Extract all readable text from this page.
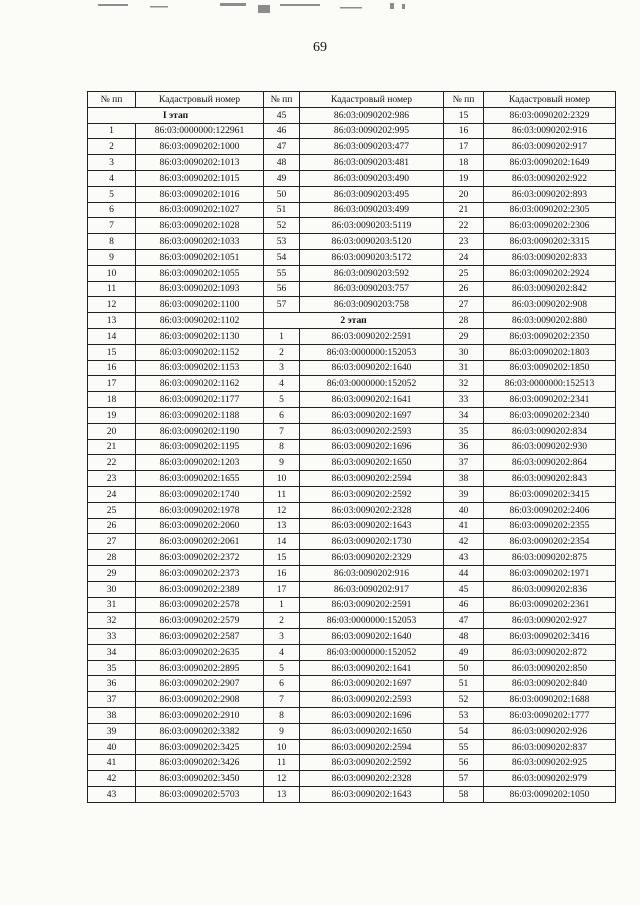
69
№ пп	Кадастровый номер	№ пп	Кадастровый номер	№ пп	Кадастровый номер
I этап		45	86:03:0090202:986	15	86:03:0090202:2329
1	86:03:0000000:122961	46	86:03:0090202:995	16	86:03:0090202:916
2	86:03:0090202:1000	47	86:03:0090203:477	17	86:03:0090202:917
3	86:03:0090202:1013	48	86:03:0090203:481	18	86:03:0090202:1649
4	86:03:0090202:1015	49	86:03:0090203:490	19	86:03:0090202:922
5	86:03:0090202:1016	50	86:03:0090203:495	20	86:03:0090202:893
6	86:03:0090202:1027	51	86:03:0090203:499	21	86:03:0090202:2305
7	86:03:0090202:1028	52	86:03:0090203:5119	22	86:03:0090202:2306
8	86:03:0090202:1033	53	86:03:0090203:5120	23	86:03:0090202:3315
9	86:03:0090202:1051	54	86:03:0090203:5172	24	86:03:0090202:833
10	86:03:0090202:1055	55	86:03:0090203:592	25	86:03:0090202:2924
11	86:03:0090202:1093	56	86:03:0090203:757	26	86:03:0090202:842
12	86:03:0090202:1100	57	86:03:0090203:758	27	86:03:0090202:908
13	86:03:0090202:1102	2 этап		28	86:03:0090202:880
14	86:03:0090202:1130	1	86:03:0090202:2591	29	86:03:0090202:2350
15	86:03:0090202:1152	2	86:03:0000000:152053	30	86:03:0090202:1803
16	86:03:0090202:1153	3	86:03:0090202:1640	31	86:03:0090202:1850
17	86:03:0090202:1162	4	86:03:0000000:152052	32	86:03:0000000:152513
18	86:03:0090202:1177	5	86:03:0090202:1641	33	86:03:0090202:2341
19	86:03:0090202:1188	6	86:03:0090202:1697	34	86:03:0090202:2340
20	86:03:0090202:1190	7	86:03:0090202:2593	35	86:03:0090202:834
21	86:03:0090202:1195	8	86:03:0090202:1696	36	86:03:0090202:930
22	86:03:0090202:1203	9	86:03:0090202:1650	37	86:03:0090202:864
23	86:03:0090202:1655	10	86:03:0090202:2594	38	86:03:0090202:843
24	86:03:0090202:1740	11	86:03:0090202:2592	39	86:03:0090202:3415
25	86:03:0090202:1978	12	86:03:0090202:2328	40	86:03:0090202:2406
26	86:03:0090202:2060	13	86:03:0090202:1643	41	86:03:0090202:2355
27	86:03:0090202:2061	14	86:03:0090202:1730	42	86:03:0090202:2354
28	86:03:0090202:2372	15	86:03:0090202:2329	43	86:03:0090202:875
29	86:03:0090202:2373	16	86:03:0090202:916	44	86:03:0090202:1971
30	86:03:0090202:2389	17	86:03:0090202:917	45	86:03:0090202:836
31	86:03:0090202:2578	1	86:03:0090202:2591	46	86:03:0090202:2361
32	86:03:0090202:2579	2	86:03:0000000:152053	47	86:03:0090202:927
33	86:03:0090202:2587	3	86:03:0090202:1640	48	86:03:0090202:3416
34	86:03:0090202:2635	4	86:03:0000000:152052	49	86:03:0090202:872
35	86:03:0090202:2895	5	86:03:0090202:1641	50	86:03:0090202:850
36	86:03:0090202:2907	6	86:03:0090202:1697	51	86:03:0090202:840
37	86:03:0090202:2908	7	86:03:0090202:2593	52	86:03:0090202:1688
38	86:03:0090202:2910	8	86:03:0090202:1696	53	86:03:0090202:1777
39	86:03:0090202:3382	9	86:03:0090202:1650	54	86:03:0090202:926
40	86:03:0090202:3425	10	86:03:0090202:2594	55	86:03:0090202:837
41	86:03:0090202:3426	11	86:03:0090202:2592	56	86:03:0090202:925
42	86:03:0090202:3450	12	86:03:0090202:2328	57	86:03:0090202:979
43	86:03:0090202:5703	13	86:03:0090202:1643	58	86:03:0090202:1050
